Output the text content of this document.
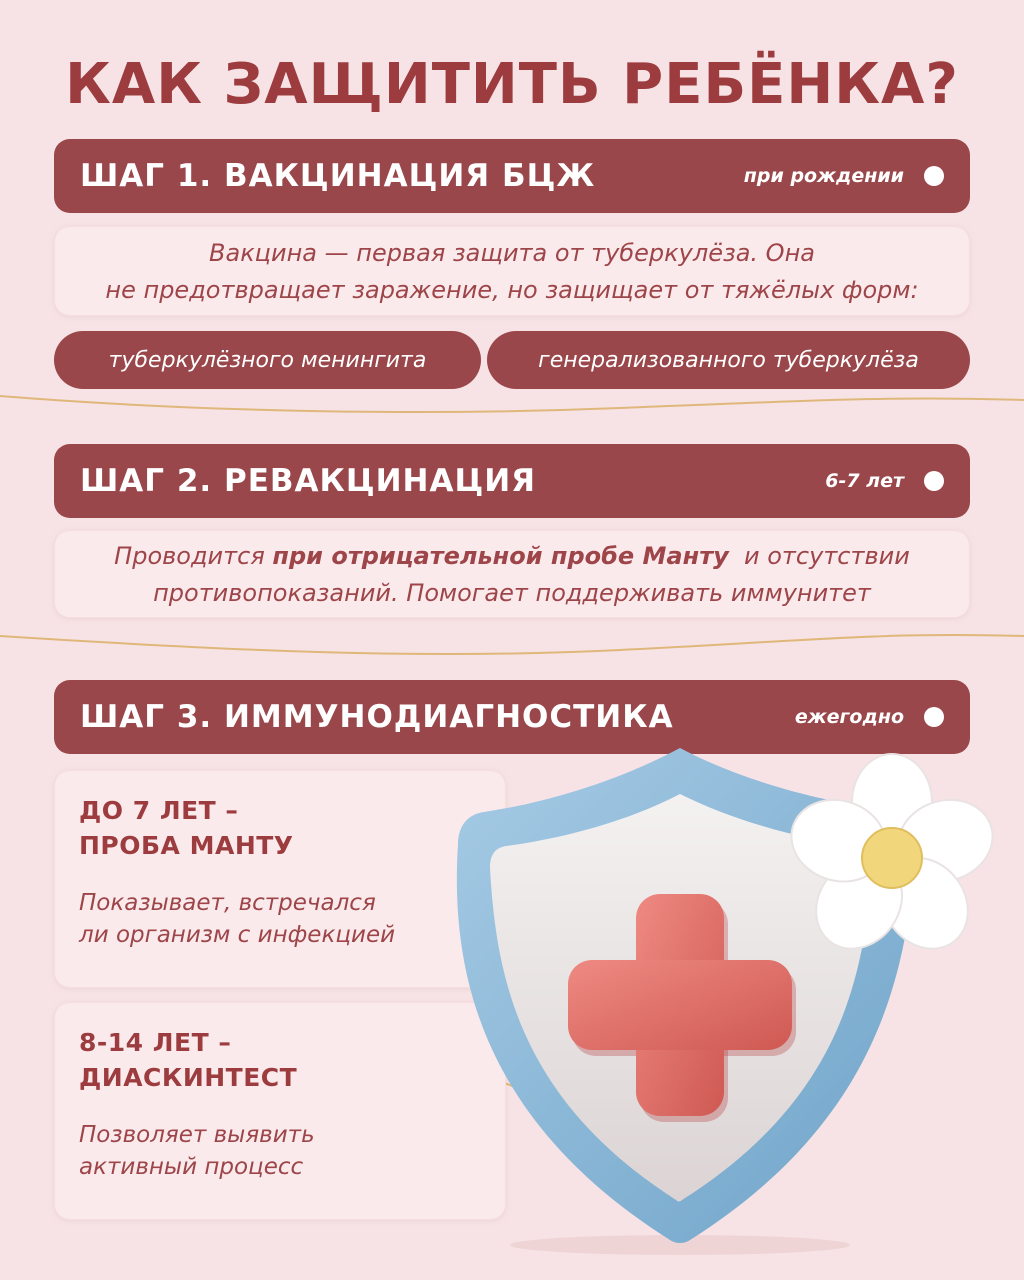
КАК ЗАЩИТИТЬ РЕБЁНКА?
ШАГ 1. ВАКЦИНАЦИЯ БЦЖ	при рождении
Вакцина — первая защита от туберкулёза. Она
не предотвращает заражение, но защищает от тяжёлых форм:
туберкулёзного менингита	генерализованного туберкулёза
ШАГ 2. РЕВАКЦИНАЦИЯ	6-7 лет
Проводится при отрицательной пробе Манту  и отсутствии
противопоказаний. Помогает поддерживать иммунитет
ШАГ 3. ИММУНОДИАГНОСТИКА	ежегодно
ДО 7 ЛЕТ –
ПРОБА МАНТУ
Показывает, встречался
ли организм с инфекцией
8-14 ЛЕТ –
ДИАСКИНТЕСТ
Позволяет выявить
активный процесс
